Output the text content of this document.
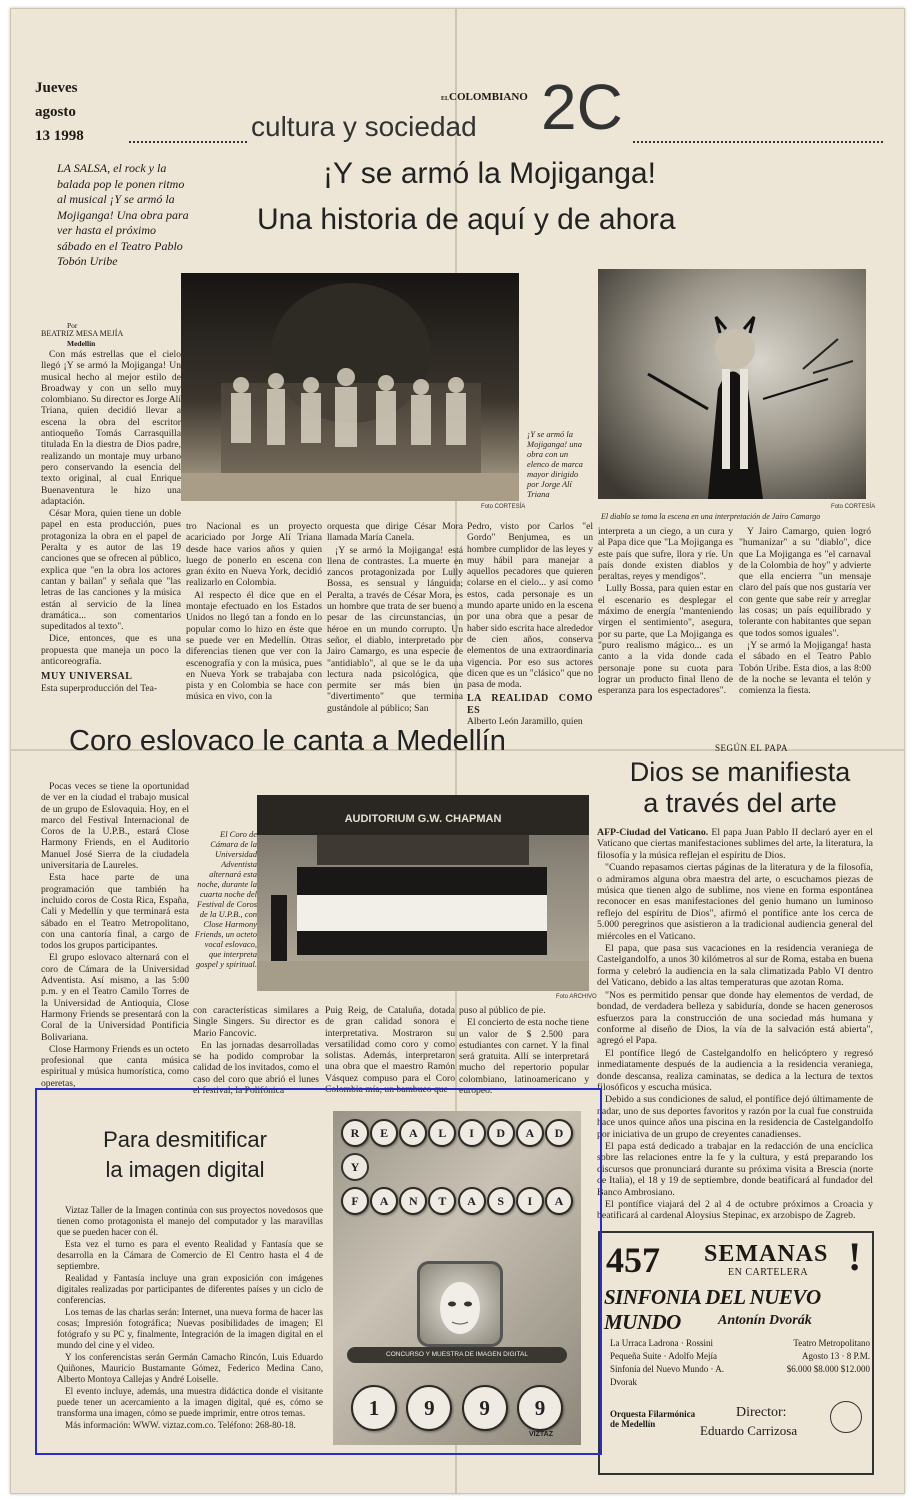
Jueves
agosto
13 1998
ELCOLOMBIANO
cultura y sociedad 2C
LA SALSA, el rock y la balada pop le ponen ritmo al musical ¡Y se armó la Mojiganga! Una obra para ver hasta el próximo sábado en el Teatro Pablo Tobón Uribe
¡Y se armó la Mojiganga!
Una historia de aquí y de ahora
Por
BEATRIZ MESA MEJÍA
Medellín
Foto CORTESÍA
¡Y se armó la Mojiganga! una obra con un elenco de marca mayor dirigido por Jorge Alí Triana
Foto CORTESÍA
El diablo se toma la escena en una interpretación de Jairo Camargo

Con más estrellas que el cielo llegó ¡Y se armó la Mojiganga! Un musical hecho al mejor estilo de Broadway y con un sello muy colombiano. Su director es Jorge Alí Triana, quien decidió llevar a escena la obra del escritor antioqueño Tomás Carrasquilla titulada En la diestra de Dios padre, realizando un montaje muy urbano pero conservando la esencia del texto original, al cual Enrique Buenaventura le hizo una adaptación.

César Mora, quien tiene un doble papel en esta producción, pues protagoniza la obra en el papel de Peralta y es autor de las 19 canciones que se ofrecen al público, explica que "en la obra los actores cantan y bailan" y señala que "las letras de las canciones y la música están al servicio de la línea dramática... son comentarios supeditados al texto".

Dice, entonces, que es una propuesta que maneja un poco la anticoreografía.

MUY UNIVERSAL

Esta superproducción del Tea-

tro Nacional es un proyecto acariciado por Jorge Alí Triana desde hace varios años y quien luego de ponerlo en escena con gran éxito en Nueva York, decidió realizarlo en Colombia.

Al respecto él dice que en el montaje efectuado en los Estados Unidos no llegó tan a fondo en lo popular como lo hizo en éste que se puede ver en Medellín. Otras diferencias tienen que ver con la escenografía y con la música, pues en Nueva York se trabajaba con pista y en Colombia se hace con música en vivo, con la

orquesta que dirige César Mora llamada María Canela.

¡Y se armó la Mojiganga! está llena de contrastes. La muerte en zancos protagonizada por Lully Bossa, es sensual y lánguida; Peralta, a través de César Mora, es un hombre que trata de ser bueno a pesar de las circunstancias, un héroe en un mundo corrupto. Un señor, el diablo, interpretado por Jairo Camargo, es una especie de "antidiablo", al que se le da una lectura nada psicológica, que permite ser más bien un "divertimento" que termina gustándole al público; San

Pedro, visto por Carlos "el Gordo" Benjumea, es un hombre cumplidor de las leyes y muy hábil para manejar a aquellos pecadores que quieren colarse en el cielo... y así como estos, cada personaje es un mundo aparte unido en la escena por una obra que a pesar de haber sido escrita hace alrededor de cien años, conserva elementos de una extraordinaria vigencia. Por eso sus actores dicen que es un "clásico" que no pasa de moda.

LA REALIDAD COMO ES

Alberto León Jaramillo, quien

interpreta a un ciego, a un cura y al Papa dice que "La Mojiganga es este país que sufre, llora y ríe. Un país donde existen diablos y peraltas, reyes y mendigos".

Lully Bossa, para quien estar en el escenario es desplegar el máximo de energía "manteniendo virgen el sentimiento", asegura, por su parte, que La Mojiganga es "puro realismo mágico... es un canto a la vida donde cada personaje pone su cuota para lograr un producto final lleno de esperanza para los espectadores".

Y Jairo Camargo, quien logró "humanizar" a su "diablo", dice que La Mojiganga es "el carnaval de la Colombia de hoy" y advierte que ella encierra "un mensaje claro del país que nos gustaría ver con gente que sabe reír y arreglar las cosas; un país equilibrado y tolerante con habitantes que sepan que todos somos iguales".

¡Y se armó la Mojiganga! hasta el sábado en el Teatro Pablo Tobón Uribe. Esta dios, a las 8:00 de la noche se levanta el telón y comienza la fiesta.

Coro eslovaco le canta a Medellín
AUDITORIUM G.W. CHAPMAN
El Coro de Cámara de la Universidad Adventista alternará esta noche, durante la cuarta noche del Festival de Coros de la U.P.B., con Close Harmony Friends, un octeto vocal eslovaco, que interpreta gospel y spiritual.
Foto ARCHIVO

Pocas veces se tiene la oportunidad de ver en la ciudad el trabajo musical de un grupo de Eslovaquia. Hoy, en el marco del Festival Internacional de Coros de la U.P.B., estará Close Harmony Friends, en el Auditorio Manuel José Sierra de la ciudadela universitaria de Laureles.

Esta hace parte de una programación que también ha incluido coros de Costa Rica, España, Cali y Medellín y que terminará esta sábado en el Teatro Metropolitano, con una cantoría final, a cargo de todos los grupos participantes.

El grupo eslovaco alternará con el coro de Cámara de la Universidad Adventista. Así mismo, a las 5:00 p.m. y en el Teatro Camilo Torres de la Universidad de Antioquia, Close Harmony Friends se presentará con la Coral de la Universidad Pontificia Bolivariana.

Close Harmony Friends es un octeto profesional que canta música espiritual y música humorística, como operetas,

con características similares a Single Singers. Su director es Mario Fancovic.

En las jornadas desarrolladas se ha podido comprobar la calidad de los invitados, como el caso del coro que abrió el lunes el festival, la Polifónica

Puig Reig, de Cataluña, dotada de gran calidad sonora e interpretativa. Mostraron su versatilidad como coro y como solistas. Además, interpretaron una obra que el maestro Ramón Vásquez compuso para el Coro Colombia mía, un bambuco que

puso al público de pie.

El concierto de esta noche tiene un valor de $ 2.500 para estudiantes con carnet. Y la final será gratuita. Allí se interpretará mucho del repertorio popular colombiano, latinoamericano y europeo.

SEGÚN EL PAPA
Dios se manifiesta
a través del arte

AFP-Ciudad del Vaticano. El papa Juan Pablo II declaró ayer en el Vaticano que ciertas manifestaciones sublimes del arte, la literatura, la filosofía y la música reflejan el espíritu de Dios.

"Cuando repasamos ciertas páginas de la literatura y de la filosofía, o admiramos alguna obra maestra del arte, o escuchamos piezas de música que tienen algo de sublime, nos viene en forma espontánea reconocer en esas manifestaciones del genio humano un luminoso reflejo del espíritu de Dios", afirmó el pontífice ante los cerca de 5.000 peregrinos que asistieron a la tradicional audiencia general del miércoles en el Vaticano.

El papa, que pasa sus vacaciones en la residencia veraniega de Castelgandolfo, a unos 30 kilómetros al sur de Roma, estaba en buena forma y celebró la audiencia en la sala climatizada Pablo VI dentro del Vaticano, debido a las altas temperaturas que azotan Roma.

"Nos es permitido pensar que donde hay elementos de verdad, de bondad, de verdadera belleza y sabiduría, donde se hacen generosos esfuerzos para la construcción de una sociedad más humana y conforme al diseño de Dios, la vía de la salvación está abierta", agregó el Papa.

El pontífice llegó de Castelgandolfo en helicóptero y regresó inmediatamente después de la audiencia a la residencia veraniega, donde descansa, realiza caminatas, se dedica a la lectura de textos filosóficos y escucha música.

Debido a sus condiciones de salud, el pontífice dejó últimamente de nadar, uno de sus deportes favoritos y razón por la cual fue construida hace unos quince años una piscina en la residencia de Castelgandolfo por iniciativa de un grupo de creyentes canadienses.

El papa está dedicado a trabajar en la redacción de una encíclica sobre las relaciones entre la fe y la cultura, y está preparando los discursos que pronunciará durante su próxima visita a Brescia (norte de Italia), el 18 y 19 de septiembre, donde beatificará al fundador del Banco Ambrosiano.

El pontífice viajará del 2 al 4 de octubre próximos a Croacia y beatificará al cardenal Aloysius Stepinac, ex arzobispo de Zagreb.

Para desmitificar
la imagen digital

Viztaz Taller de la Imagen continúa con sus proyectos novedosos que tienen como protagonista el manejo del computador y las maravillas que se pueden hacer con él.

Esta vez el turno es para el evento Realidad y Fantasía que se desarrolla en la Cámara de Comercio de El Centro hasta el 4 de septiembre.

Realidad y Fantasía incluye una gran exposición con imágenes digitales realizadas por participantes de diferentes países y un ciclo de conferencias.

Los temas de las charlas serán: Internet, una nueva forma de hacer las cosas; Impresión fotográfica; Nuevas posibilidades de imagen; El fotógrafo y su PC y, finalmente, Integración de la imagen digital en el mundo del cine y el video.

Y los conferencistas serán Germán Camacho Rincón, Luis Eduardo Quiñones, Mauricio Bustamante Gómez, Federico Medina Cano, Alberto Montoya Callejas y André Loiselle.

El evento incluye, además, una muestra didáctica donde el visitante puede tener un acercamiento a la imagen digital, qué es, cómo se transforma una imagen, cómo se puede imprimir, entre otros temas.

Más información: WWW. viztaz.com.co. Teléfono: 268-80-18.

R	E	A	L	I	D	A	D
Y
F	A	N	T	A	S	I	A
CONCURSO Y MUESTRA DE IMAGEN DIGITAL
1	9	9	9
VIZTAZ
457 SEMANAS !
EN CARTELERA
SINFONIA DEL NUEVO MUNDO	Antonín Dvorák
La Urraca Ladrona · Rossini
Pequeña Suite · Adolfo Mejía
Sinfonía del Nuevo Mundo · A. Dvorak
Teatro Metropolitano
Agosto 13 · 8 P.M.
$6.000 $8.000 $12.000
Orquesta Filarmónica de Medellín
Director:
Eduardo Carrizosa
